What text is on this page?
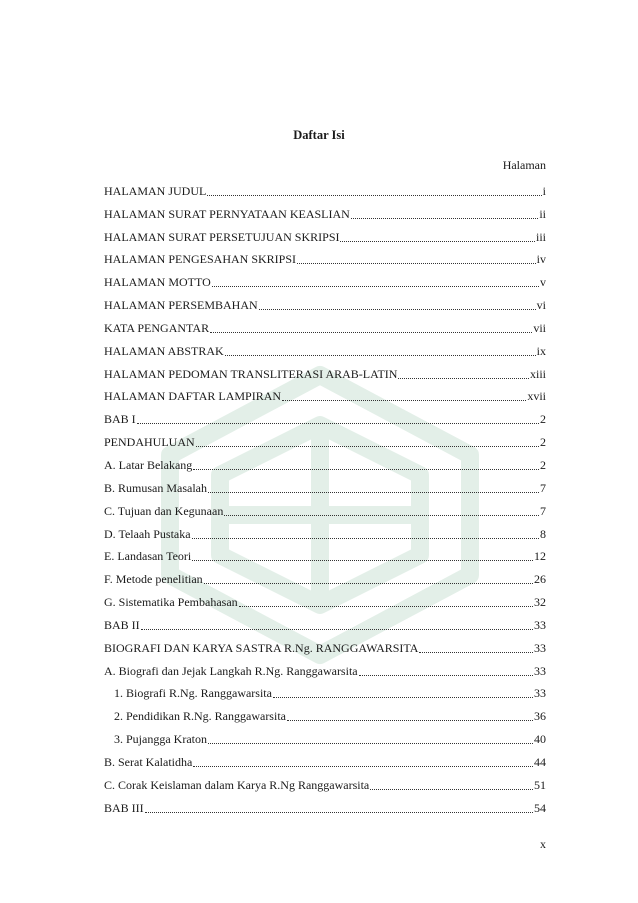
Daftar Isi
Halaman
HALAMAN JUDUL	i
HALAMAN SURAT PERNYATAAN KEASLIAN	ii
HALAMAN SURAT PERSETUJUAN SKRIPSI	iii
HALAMAN PENGESAHAN SKRIPSI	iv
HALAMAN MOTTO	v
HALAMAN PERSEMBAHAN	vi
KATA PENGANTAR	vii
HALAMAN ABSTRAK	ix
HALAMAN PEDOMAN TRANSLITERASI ARAB-LATIN	xiii
HALAMAN DAFTAR LAMPIRAN	xvii
BAB I	2
PENDAHULUAN	2
A. Latar Belakang	2
B. Rumusan Masalah	7
C. Tujuan dan Kegunaan	7
D. Telaah Pustaka	8
E. Landasan Teori	12
F. Metode penelitian	26
G. Sistematika Pembahasan	32
BAB II	33
BIOGRAFI DAN KARYA SASTRA R.Ng. RANGGAWARSITA	33
A. Biografi dan Jejak Langkah R.Ng. Ranggawarsita	33
1. Biografi R.Ng. Ranggawarsita	33
2. Pendidikan R.Ng. Ranggawarsita	36
3. Pujangga Kraton	40
B. Serat Kalatidha	44
C. Corak Keislaman dalam Karya R.Ng Ranggawarsita	51
BAB III	54
x
